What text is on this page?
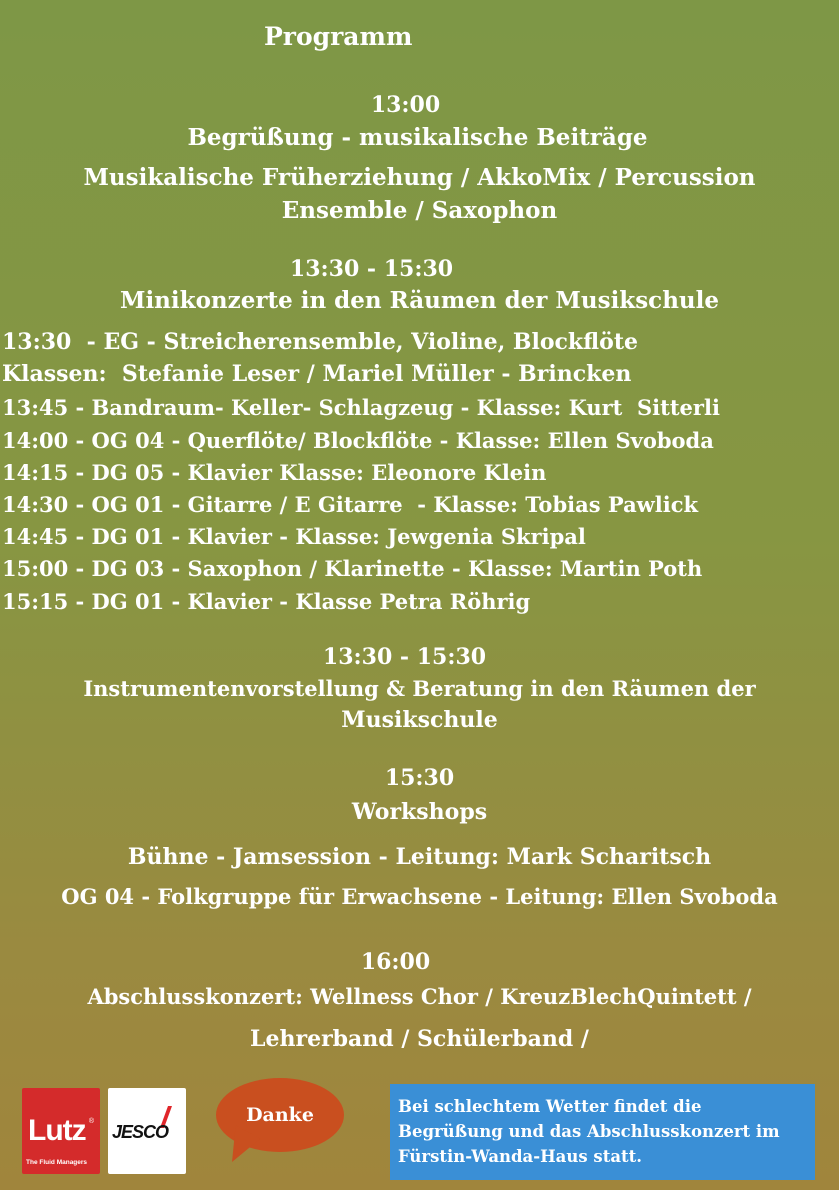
Programm
13:00
Begrüßung - musikalische Beiträge
Musikalische Früherziehung / AkkoMix / Percussion
Ensemble / Saxophon
13:30 - 15:30
Minikonzerte in den Räumen der Musikschule
13:30  - EG - Streicherensemble, Violine, Blockflöte
Klassen:  Stefanie Leser / Mariel Müller - Brincken
13:45 - Bandraum- Keller- Schlagzeug - Klasse: Kurt  Sitterli
14:00 - OG 04 - Querflöte/ Blockflöte - Klasse: Ellen Svoboda
14:15 - DG 05 - Klavier Klasse: Eleonore Klein
14:30 - OG 01 - Gitarre / E Gitarre  - Klasse: Tobias Pawlick
14:45 - DG 01 - Klavier - Klasse: Jewgenia Skripal
15:00 - DG 03 - Saxophon / Klarinette - Klasse: Martin Poth
15:15 - DG 01 - Klavier - Klasse Petra Röhrig
13:30 - 15:30
Instrumentenvorstellung & Beratung in den Räumen der
Musikschule
15:30
Workshops
Bühne - Jamsession - Leitung: Mark Scharitsch
OG 04 - Folkgruppe für Erwachsene - Leitung: Ellen Svoboda
16:00
Abschlusskonzert: Wellness Chor / KreuzBlechQuintett /
Lehrerband / Schülerband /
Lutz ®
The Fluid Managers
JESCO
Danke	Bei schlechtem Wetter findet die Begrüßung und das Abschlusskonzert im Fürstin-Wanda-Haus statt.
